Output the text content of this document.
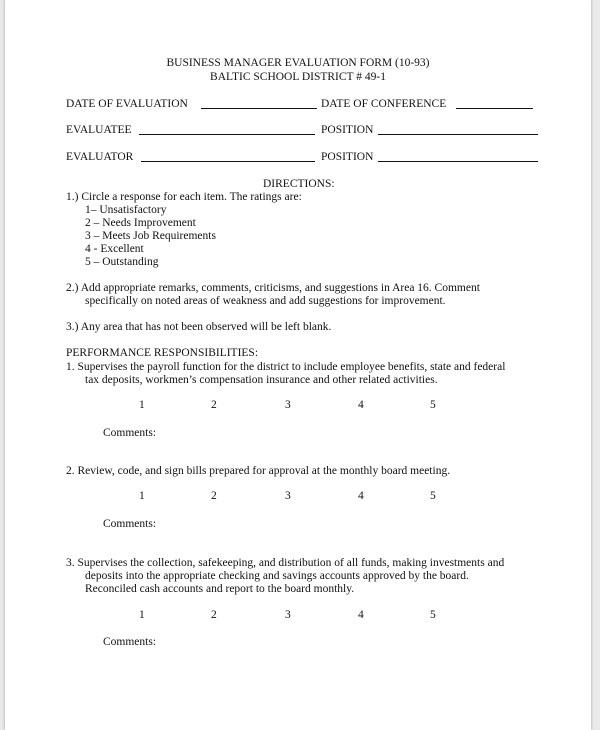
BUSINESS MANAGER EVALUATION FORM (10-93)
BALTIC SCHOOL DISTRICT # 49-1
DATE OF EVALUATION	DATE OF CONFERENCE
EVALUATEE	POSITION
EVALUATOR	POSITION
DIRECTIONS:
1.) Circle a response for each item. The ratings are:
1– Unsatisfactory
2 – Needs Improvement
3 – Meets Job Requirements
4 - Excellent
5 – Outstanding
2.) Add appropriate remarks, comments, criticisms, and suggestions in Area 16. Comment
specifically on noted areas of weakness and add suggestions for improvement.
3.) Any area that has not been observed will be left blank.
PERFORMANCE RESPONSIBILITIES:
1. Supervises the payroll function for the district to include employee benefits, state and federal
tax deposits, workmen’s compensation insurance and other related activities.
1	2	3	4	5
Comments:
2. Review, code, and sign bills prepared for approval at the monthly board meeting.
1	2	3	4	5
Comments:
3. Supervises the collection, safekeeping, and distribution of all funds, making investments and
deposits into the appropriate checking and savings accounts approved by the board.
Reconciled cash accounts and report to the board monthly.
1	2	3	4	5
Comments:
